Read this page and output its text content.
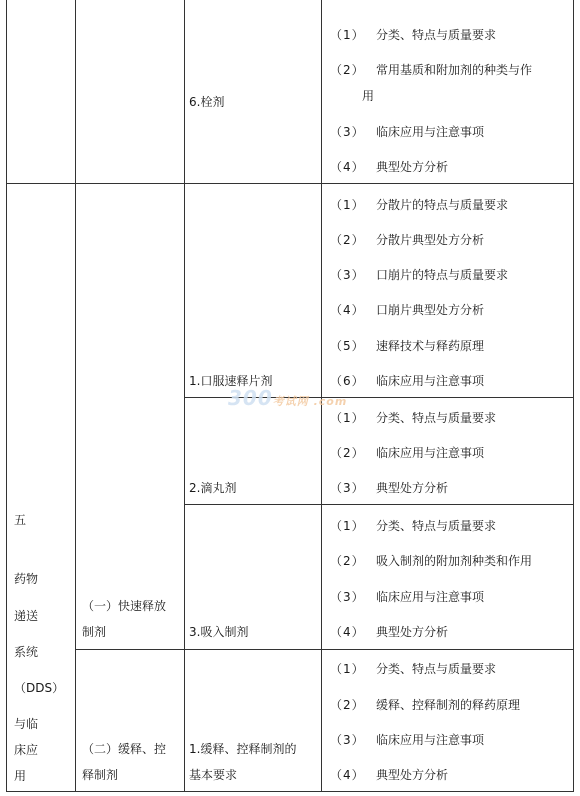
300考试网 .com
6.栓剂
（1） 分类、特点与质量要求
（2） 常用基质和附加剂的种类与作
用
（3） 临床应用与注意事项
（4） 典型处方分析
五
药物
递送
系统
（DDS）
与临
床应
用
（一）快速释放
制剂
（二）缓释、控
释制剂
1.口服速释片剂
2.滴丸剂
3.吸入制剂
1.缓释、控释制剂的
基本要求
（1） 分散片的特点与质量要求
（2） 分散片典型处方分析
（3） 口崩片的特点与质量要求
（4） 口崩片典型处方分析
（5） 速释技术与释药原理
（6） 临床应用与注意事项
（1） 分类、特点与质量要求
（2） 临床应用与注意事项
（3） 典型处方分析
（1） 分类、特点与质量要求
（2） 吸入制剂的附加剂种类和作用
（3） 临床应用与注意事项
（4） 典型处方分析
（1） 分类、特点与质量要求
（2） 缓释、控释制剂的释药原理
（3） 临床应用与注意事项
（4） 典型处方分析
